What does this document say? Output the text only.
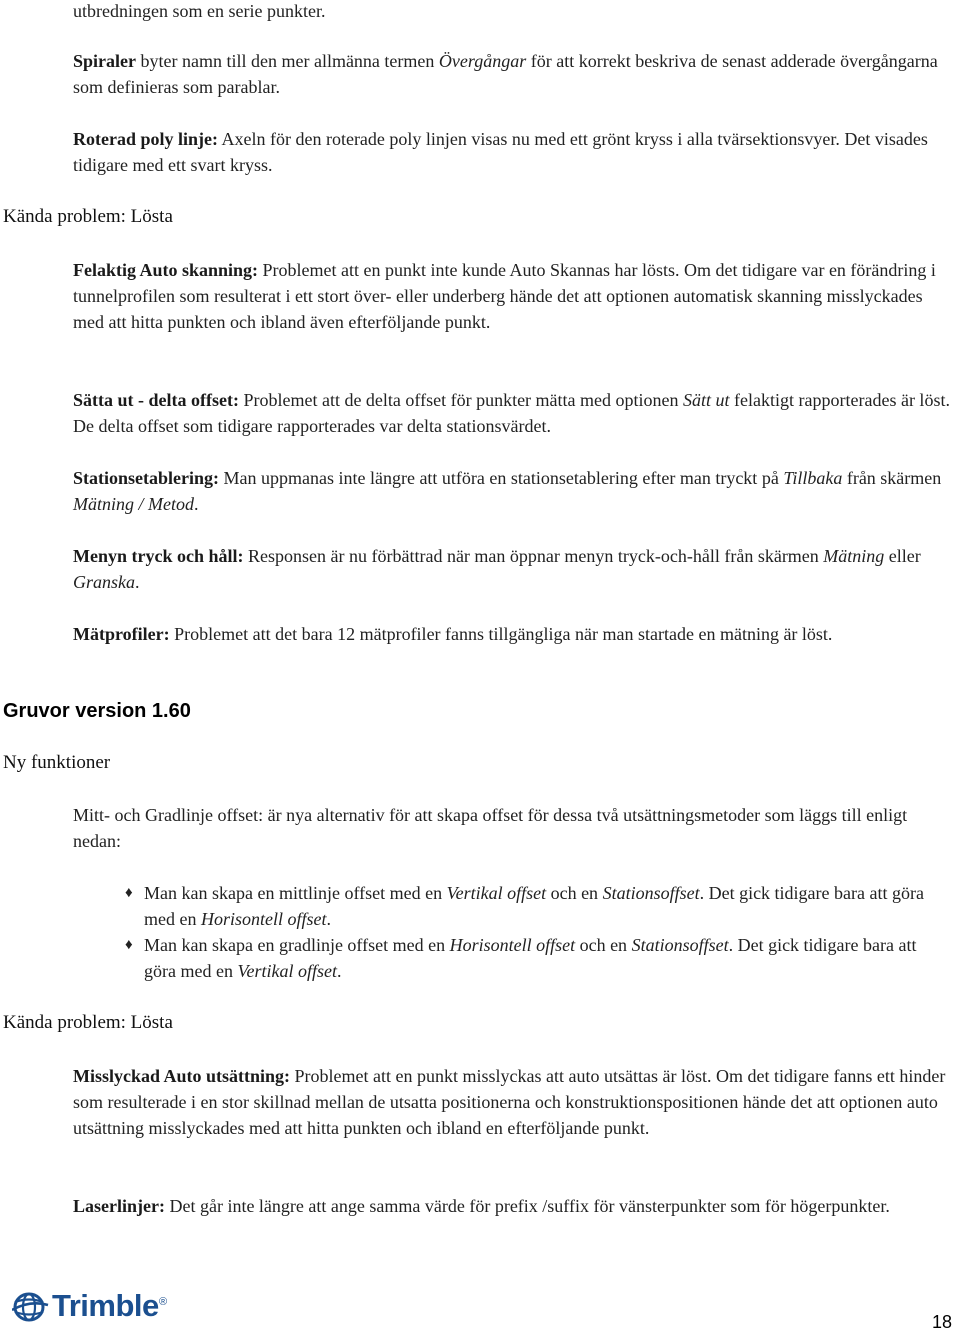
utbredningen som en serie punkter.
Spiraler byter namn till den mer allmänna termen Övergångar för att korrekt beskriva de senast adderade övergångarna som definieras som parablar.
Roterad poly linje: Axeln för den roterade poly linjen visas nu med ett grönt kryss i alla tvärsektionsvyer. Det visades tidigare med ett svart kryss.
Kända problem: Lösta
Felaktig Auto skanning: Problemet att en punkt inte kunde Auto Skannas har lösts. Om det tidigare var en förändring i tunnelprofilen som resulterat i ett stort över- eller underberg hände det att optionen automatisk skanning misslyckades med att hitta punkten och ibland även efterföljande punkt.
Sätta ut - delta offset: Problemet att de delta offset för punkter mätta med optionen Sätt ut felaktigt rapporterades är löst. De delta offset som tidigare rapporterades var delta stationsvärdet.
Stationsetablering: Man uppmanas inte längre att utföra en stationsetablering efter man tryckt på Tillbaka från skärmen Mätning / Metod.
Menyn tryck och håll: Responsen är nu förbättrad när man öppnar menyn tryck-och-håll från skärmen Mätning eller Granska.
Mätprofiler: Problemet att det bara 12 mätprofiler fanns tillgängliga när man startade en mätning är löst.
Gruvor version 1.60
Ny funktioner
Mitt- och Gradlinje offset: är nya alternativ för att skapa offset för dessa två utsättningsmetoder som läggs till enligt nedan:
♦ Man kan skapa en mittlinje offset med en Vertikal offset och en Stationsoffset. Det gick tidigare bara att göra med en Horisontell offset.
♦ Man kan skapa en gradlinje offset med en Horisontell offset och en Stationsoffset. Det gick tidigare bara att göra med en Vertikal offset.
Kända problem: Lösta
Misslyckad Auto utsättning: Problemet att en punkt misslyckas att auto utsättas är löst. Om det tidigare fanns ett hinder som resulterade i en stor skillnad mellan de utsatta positionerna och konstruktionspositionen hände det att optionen auto utsättning misslyckades med att hitta punkten och ibland en efterföljande punkt.
Laserlinjer: Det går inte längre att ange samma värde för prefix /suffix för vänsterpunkter som för högerpunkter.
Trimble ®
18
